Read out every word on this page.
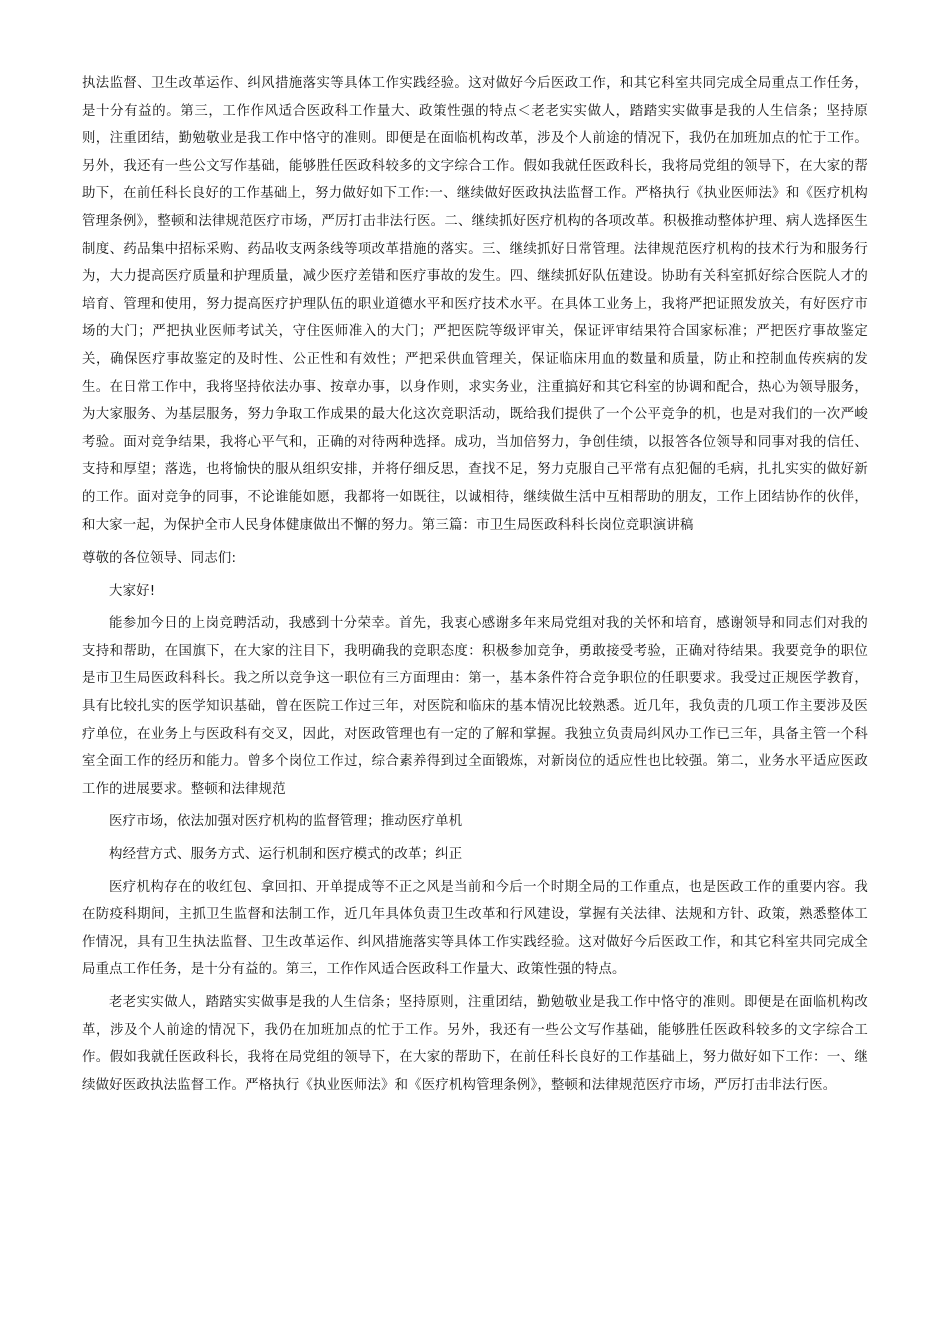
执法监督、卫生改革运作、纠风措施落实等具体工作实践经验。这对做好今后医政工作，和其它科室共同完成全局重点工作任务，是十分有益的。第三，工作作风适合医政科工作量大、政策性强的特点＜老老实实做人，踏踏实实做事是我的人生信条；坚持原则，注重团结，勤勉敬业是我工作中恪守的准则。即便是在面临机构改革，涉及个人前途的情况下，我仍在加班加点的忙于工作。另外，我还有一些公文写作基础，能够胜任医政科较多的文字综合工作。假如我就任医政科长，我将局党组的领导下，在大家的帮助下，在前任科长良好的工作基础上，努力做好如下工作:一、继续做好医政执法监督工作。严格执行《执业医师法》和《医疗机构管理条例》，整顿和法律规范医疗市场，严厉打击非法行医。二、继续抓好医疗机构的各项改革。积极推动整体护理、病人选择医生制度、药品集中招标采购、药品收支两条线等项改革措施的落实。三、继续抓好日常管理。法律规范医疗机构的技术行为和服务行为，大力提高医疗质量和护理质量，减少医疗差错和医疗事故的发生。四、继续抓好队伍建设。协助有关科室抓好综合医院人才的培育、管理和使用，努力提高医疗护理队伍的职业道德水平和医疗技术水平。在具体工业务上，我将严把证照发放关，有好医疗市场的大门；严把执业医师考试关，守住医师准入的大门；严把医院等级评审关，保证评审结果符合国家标准；严把医疗事故鉴定关，确保医疗事故鉴定的及时性、公正性和有效性；严把采供血管理关，保证临床用血的数量和质量，防止和控制血传疾病的发生。在日常工作中，我将坚持依法办事、按章办事，以身作则，求实务业，注重搞好和其它科室的协调和配合，热心为领导服务，为大家服务、为基层服务，努力争取工作成果的最大化这次竞职活动，既给我们提供了一个公平竞争的机，也是对我们的一次严峻考验。面对竞争结果，我将心平气和，正确的对待两种选择。成功，当加倍努力，争创佳绩，以报答各位领导和同事对我的信任、支持和厚望；落选，也将愉快的服从组织安排，并将仔细反思，查找不足，努力克服自己平常有点犯倔的毛病，扎扎实实的做好新的工作。面对竞争的同事，不论谁能如愿，我都将一如既往，以诚相待，继续做生活中互相帮助的朋友，工作上团结协作的伙伴，和大家一起，为保护全市人民身体健康做出不懈的努力。第三篇：市卫生局医政科科长岗位竞职演讲稿

尊敬的各位领导、同志们:

大家好!

能参加今日的上岗竞聘活动，我感到十分荣幸。首先，我衷心感谢多年来局党组对我的关怀和培育，感谢领导和同志们对我的支持和帮助，在国旗下，在大家的注目下，我明确我的竞职态度：积极参加竞争，勇敢接受考验，正确对待结果。我要竞争的职位是市卫生局医政科科长。我之所以竞争这一职位有三方面理由：第一，基本条件符合竞争职位的任职要求。我受过正规医学教育，具有比较扎实的医学知识基础，曾在医院工作过三年，对医院和临床的基本情况比较熟悉。近几年，我负责的几项工作主要涉及医疗单位，在业务上与医政科有交叉，因此，对医政管理也有一定的了解和掌握。我独立负责局纠风办工作已三年，具备主管一个科室全面工作的经历和能力。曾多个岗位工作过，综合素养得到过全面锻炼，对新岗位的适应性也比较强。第二，业务水平适应医政工作的进展要求。整顿和法律规范

医疗市场，依法加强对医疗机构的监督管理；推动医疗单机

构经营方式、服务方式、运行机制和医疗模式的改革；纠正

医疗机构存在的收红包、拿回扣、开单提成等不正之风是当前和今后一个时期全局的工作重点，也是医政工作的重要内容。我在防疫科期间，主抓卫生监督和法制工作，近几年具体负责卫生改革和行风建设，掌握有关法律、法规和方针、政策，熟悉整体工作情况，具有卫生执法监督、卫生改革运作、纠风措施落实等具体工作实践经验。这对做好今后医政工作，和其它科室共同完成全局重点工作任务，是十分有益的。第三，工作作风适合医政科工作量大、政策性强的特点。

老老实实做人，踏踏实实做事是我的人生信条；坚持原则，注重团结，勤勉敬业是我工作中恪守的准则。即便是在面临机构改革，涉及个人前途的情况下，我仍在加班加点的忙于工作。另外，我还有一些公文写作基础，能够胜任医政科较多的文字综合工作。假如我就任医政科长，我将在局党组的领导下，在大家的帮助下，在前任科长良好的工作基础上，努力做好如下工作：一、继续做好医政执法监督工作。严格执行《执业医师法》和《医疗机构管理条例》，整顿和法律规范医疗市场，严厉打击非法行医。
